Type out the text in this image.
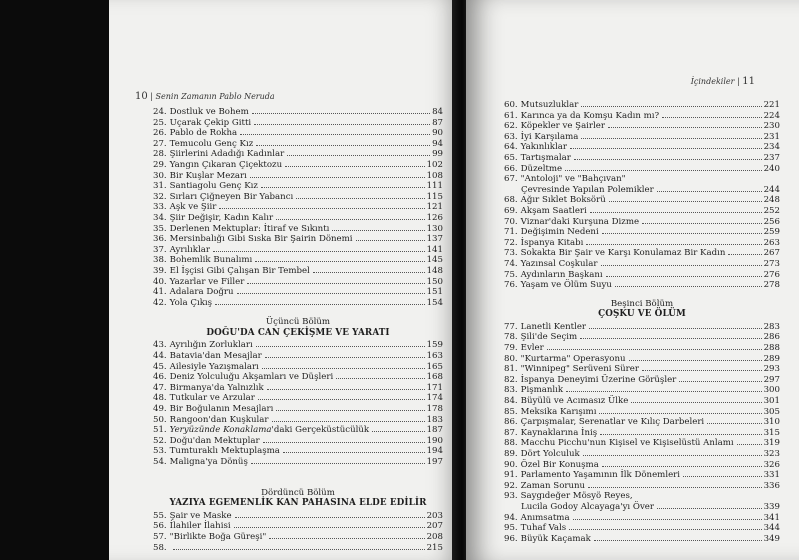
10 | Senin Zamanın Pablo Neruda
24. Dostluk ve Bohem	84
25. Uçarak Çekip Gitti	87
26. Pablo de Rokha	90
27. Temucolu Genç Kız	94
28. Şiirlerini Adadığı Kadınlar	99
29. Yangın Çıkaran Çiçektozu	102
30. Bir Kuşlar Mezarı	108
31. Santiagolu Genç Kız	111
32. Sırları Çiğneyen Bir Yabancı	115
33. Aşk ve Şiir	121
34. Şiir Değişir, Kadın Kalır	126
35. Derlenen Mektuplar: İtiraf ve Sıkıntı	130
36. Mersinbalığı Gibi Sıska Bir Şairin Dönemi	137
37. Ayrılıklar	141
38. Bohemlik Bunalımı	145
39. El İşçisi Gibi Çalışan Bir Tembel	148
40. Yazarlar ve Filler	150
41. Adalara Doğru	151
42. Yola Çıkış	154
Üçüncü Bölüm
DOĞU'DA CAN ÇEKİŞME VE YARATI
43. Ayrılığın Zorlukları	159
44. Batavia'dan Mesajlar	163
45. Ailesiyle Yazışmaları	165
46. Deniz Yolculuğu Akşamları ve Düşleri	168
47. Birmanya'da Yalnızlık	171
48. Tutkular ve Arzular	174
49. Bir Boğulanın Mesajları	178
50. Rangoon'dan Kuşkular	183
51. Yeryüzünde Konaklama'daki Gerçeküstücülük	187
52. Doğu'dan Mektuplar	190
53. Tumturaklı Mektuplaşma	194
54. Maligna'ya Dönüş	197
Dördüncü Bölüm
YAZIYA EGEMENLİK KAN PAHASINA ELDE EDİLİR
55. Şair ve Maske	203
56. İlahiler İlahisi	207
57. "Birlikte Boğa Güreşi"	208
58.	215
İçindekiler | 11
60. Mutsuzluklar	221
61. Karınca ya da Komşu Kadın mı?	224
62. Köpekler ve Şairler	230
63. İyi Karşılama	231
64. Yakınlıklar	234
65. Tartışmalar	237
66. Düzeltme	240
67. "Antoloji" ve "Bahçıvan"
Çevresinde Yapılan Polemikler	244
68. Ağır Sıklet Boksörü	248
69. Akşam Saatleri	252
70. Viznar'daki Kurşuna Dizme	256
71. Değişimin Nedeni	259
72. İspanya Kitabı	263
73. Sokakta Bir Şair ve Karşı Konulamaz Bir Kadın	267
74. Yazınsal Coşkular	273
75. Aydınların Başkanı	276
76. Yaşam ve Ölüm Suyu	278
Beşinci Bölüm
ÇOŞKU VE ÖLÜM
77. Lanetli Kentler	283
78. Şili'de Seçim	286
79. Evler	288
80. "Kurtarma" Operasyonu	289
81. "Winnipeg" Serüveni Sürer	293
82. İspanya Deneyimi Üzerine Görüşler	297
83. Pişmanlık	300
84. Büyülü ve Acımasız Ülke	301
85. Meksika Karışımı	305
86. Çarpışmalar, Serenatlar ve Kılıç Darbeleri	310
87. Kaynaklarına İniş	315
88. Macchu Picchu'nun Kişisel ve Kişiselüstü Anlamı	319
89. Dört Yolculuk	323
90. Özel Bir Konuşma	326
91. Parlamento Yaşamının İlk Dönemleri	331
92. Zaman Sorunu	336
93. Saygıdeğer Mösyö Reyes,
Lucila Godoy Alcayaga'yı Över	339
94. Anımsatma	341
95. Tuhaf Vals	344
96. Büyük Kaçamak	349
